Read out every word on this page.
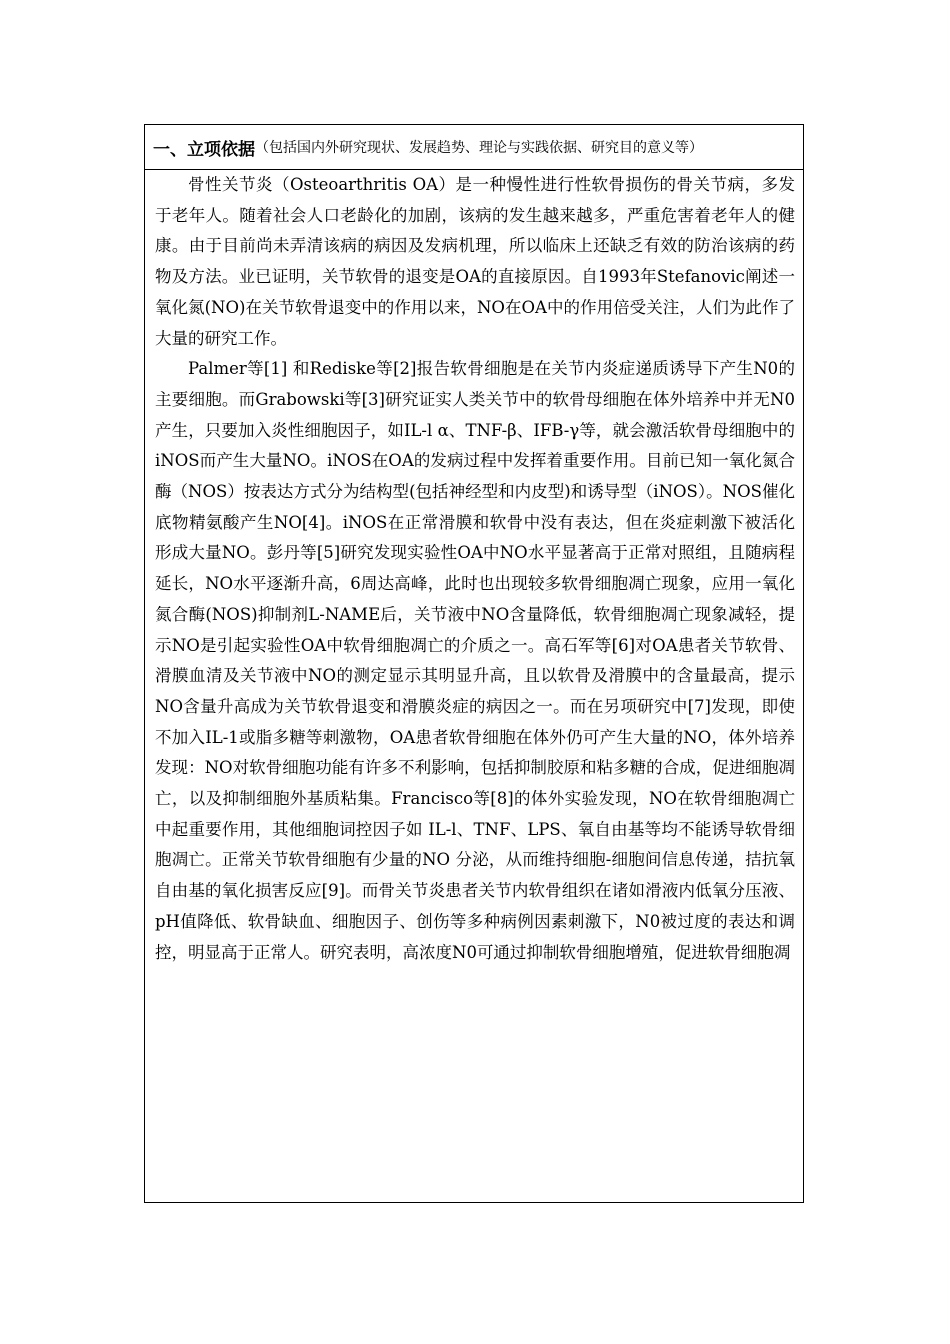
一、立项依据 （包括国内外研究现状、发展趋势、理论与实践依据、研究目的意义等）

骨性关节炎（Osteoarthritis OA）是一种慢性进行性软骨损伤的骨关节病，多发于老年人。随着社会人口老龄化的加剧，该病的发生越来越多，严重危害着老年人的健康。由于目前尚未弄清该病的病因及发病机理，所以临床上还缺乏有效的防治该病的药物及方法。业已证明，关节软骨的退变是OA的直接原因。自1993年Stefanovic阐述一氧化氮(NO)在关节软骨退变中的作用以来，NO在OA中的作用倍受关注，人们为此作了大量的研究工作。

Palmer等[1] 和Rediske等[2]报告软骨细胞是在关节内炎症递质诱导下产生N0的主要细胞。而Grabowski等[3]研究证实人类关节中的软骨母细胞在体外培养中并无N0产生，只要加入炎性细胞因子，如IL-l α、TNF-β、IFB-γ等，就会激活软骨母细胞中的iNOS而产生大量NO。iNOS在OA的发病过程中发挥着重要作用。目前已知一氧化氮合酶（NOS）按表达方式分为结构型(包括神经型和内皮型)和诱导型（iNOS）。NOS催化底物精氨酸产生NO[4]。iNOS在正常滑膜和软骨中没有表达，但在炎症刺激下被活化形成大量NO。彭丹等[5]研究发现实验性OA中NO水平显著高于正常对照组，且随病程延长，NO水平逐渐升高，6周达高峰，此时也出现较多软骨细胞凋亡现象，应用一氧化氮合酶(NOS)抑制剂L-NAME后，关节液中NO含量降低，软骨细胞凋亡现象减轻，提示NO是引起实验性OA中软骨细胞凋亡的介质之一。高石军等[6]对OA患者关节软骨、滑膜血清及关节液中NO的测定显示其明显升高，且以软骨及滑膜中的含量最高，提示NO含量升高成为关节软骨退变和滑膜炎症的病因之一。而在另项研究中[7]发现，即使不加入IL-1或脂多糖等刺激物，OA患者软骨细胞在体外仍可产生大量的NO，体外培养发现：NO对软骨细胞功能有许多不利影响，包括抑制胶原和粘多糖的合成，促进细胞凋亡，以及抑制细胞外基质粘集。Francisco等[8]的体外实验发现，NO在软骨细胞凋亡中起重要作用，其他细胞词控因子如 IL-l、TNF、LPS、氧自由基等均不能诱导软骨细胞凋亡。正常关节软骨细胞有少量的NO 分泌，从而维持细胞-细胞间信息传递，拮抗氧自由基的氧化损害反应[9]。而骨关节炎患者关节内软骨组织在诸如滑液内低氧分压液、pH值降低、软骨缺血、细胞因子、创伤等多种病例因素刺激下，N0被过度的表达和调控，明显高于正常人。研究表明，高浓度N0可通过抑制软骨细胞增殖，促进软骨细胞凋
